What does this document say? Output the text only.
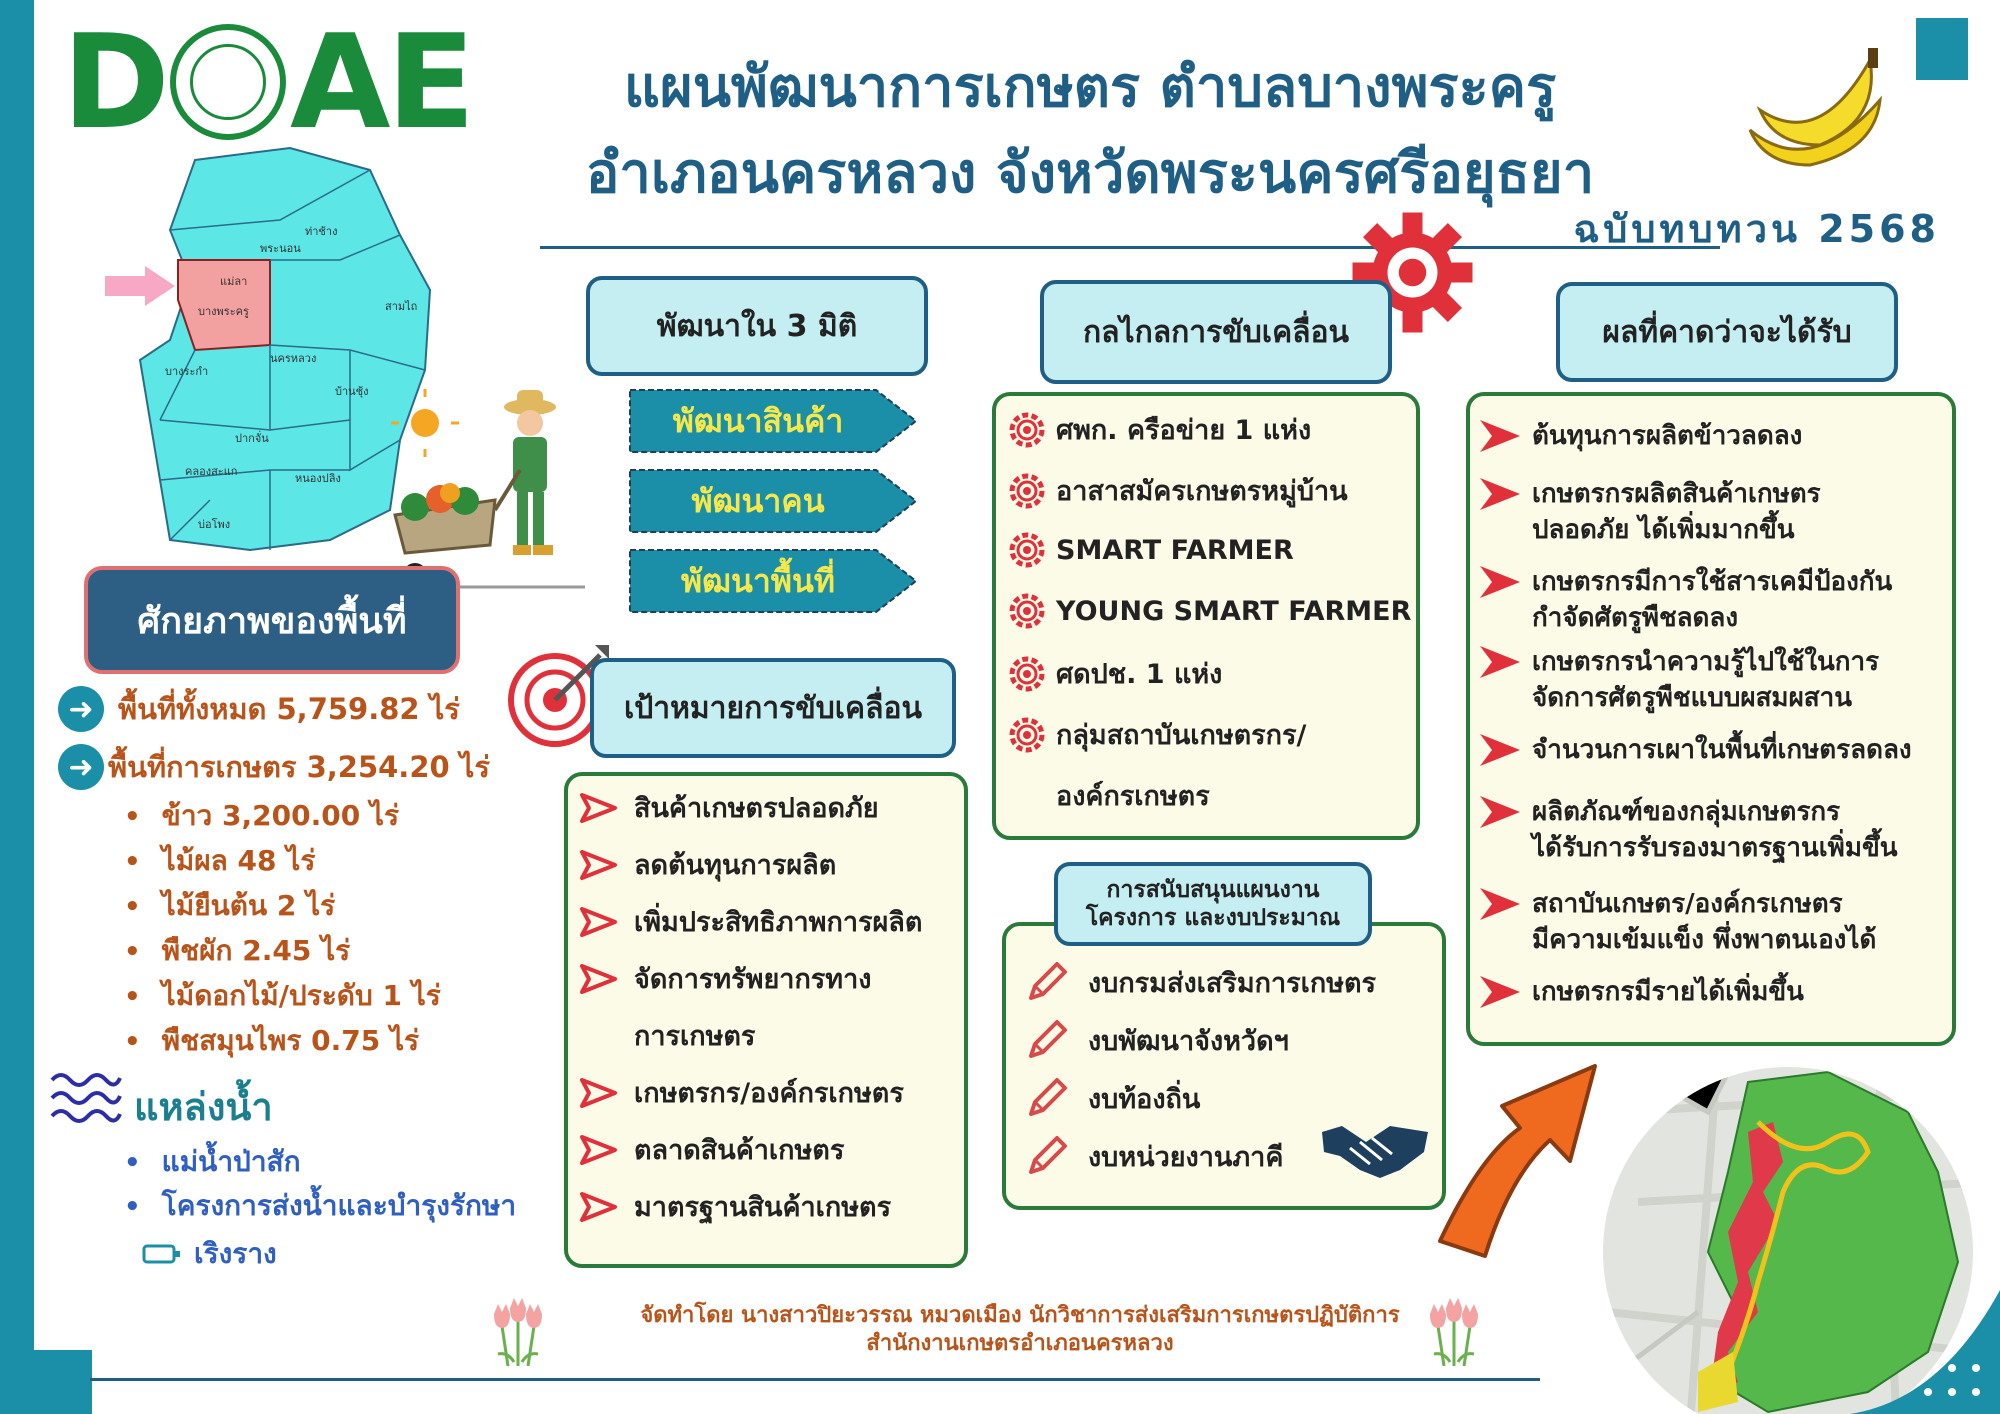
D AE	แผนพัฒนาการเกษตร ตำบลบางพระครู
อำเภอนครหลวง จังหวัดพระนครศรีอยุธยา
ฉบับทบทวน 2568
ท่าช้าง
พระนอน
แม่ลา
บางพระครู	สามไถ
นครหลวง
บางระกำ
บ้านชุ้ง
ปากจั่น
คลองสะแก
หนองปลิง
บ่อโพง
ศักยภาพของพื้นที่
➜ พื้นที่ทั้งหมด 5,759.82 ไร่
➜ พื้นที่การเกษตร 3,254.20 ไร่
• ข้าว 3,200.00 ไร่
• ไม้ผล 48 ไร่
• ไม้ยืนต้น 2 ไร่
• พืชผัก 2.45 ไร่
• ไม้ดอกไม้/ประดับ 1 ไร่
• พืชสมุนไพร 0.75 ไร่
แหล่งน้ำ
• แม่น้ำป่าสัก
• โครงการส่งน้ำและบำรุงรักษา
เริงราง
พัฒนาใน 3 มิติ
พัฒนาสินค้า
พัฒนาคน
พัฒนาพื้นที่
เป้าหมายการขับเคลื่อน
สินค้าเกษตรปลอดภัย
ลดต้นทุนการผลิต
เพิ่มประสิทธิภาพการผลิต
จัดการทรัพยากรทาง
การเกษตร
เกษตรกร/องค์กรเกษตร
ตลาดสินค้าเกษตร
มาตรฐานสินค้าเกษตร
กลไกลการขับเคลื่อน
ศพก. ครือข่าย 1 แห่ง
อาสาสมัครเกษตรหมู่บ้าน
SMART FARMER
YOUNG SMART FARMER
ศดปช. 1 แห่ง
กลุ่มสถาบันเกษตรกร/
องค์กรเกษตร
งบกรมส่งเสริมการเกษตร
งบพัฒนาจังหวัดฯ
งบท้องถิ่น
งบหน่วยงานภาคี
การสนับสนุนแผนงาน
โครงการ และงบประมาณ
ผลที่คาดว่าจะได้รับ
ต้นทุนการผลิตข้าวลดลง
เกษตรกรผลิตสินค้าเกษตร
ปลอดภัย ได้เพิ่มมากขึ้น
เกษตรกรมีการใช้สารเคมีป้องกัน
กำจัดศัตรูพืชลดลง
เกษตรกรนำความรู้ไปใช้ในการ
จัดการศัตรูพืชแบบผสมผสาน
จำนวนการเผาในพื้นที่เกษตรลดลง
ผลิตภัณฑ์ของกลุ่มเกษตรกร
ได้รับการรับรองมาตรฐานเพิ่มขึ้น
สถาบันเกษตร/องค์กรเกษตร
มีความเข้มแข็ง พึ่งพาตนเองได้
เกษตรกรมีรายได้เพิ่มขึ้น
จัดทำโดย นางสาวปิยะวรรณ หมวดเมือง นักวิชาการส่งเสริมการเกษตรปฏิบัติการ
สำนักงานเกษตรอำเภอนครหลวง
